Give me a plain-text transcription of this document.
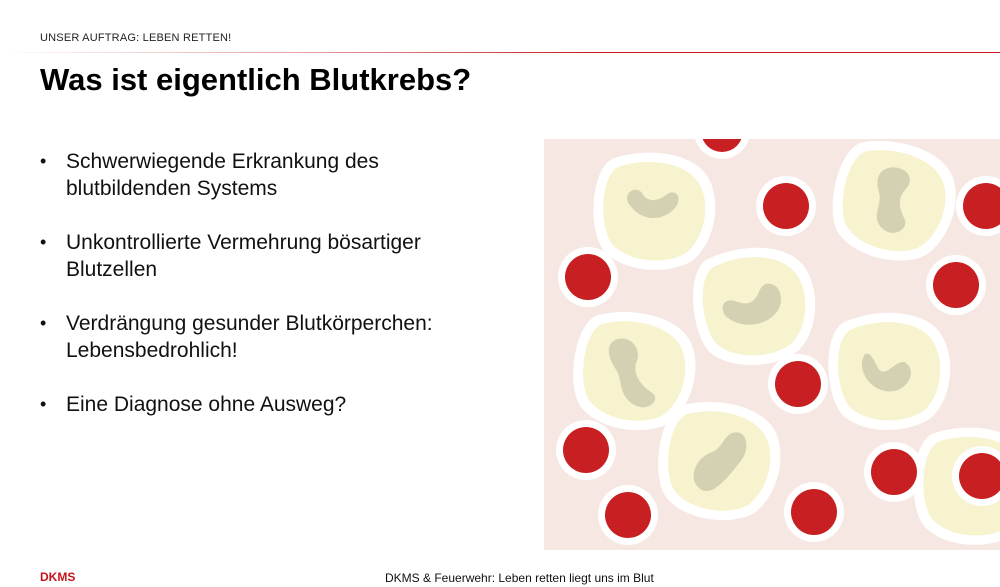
UNSER AUFTRAG: LEBEN RETTEN!
Was ist eigentlich Blutkrebs?
• Schwerwiegende Erkrankung des
blutbildenden Systems
• Unkontrollierte Vermehrung bösartiger
Blutzellen
• Verdrängung gesunder Blutkörperchen:
Lebensbedrohlich!
• Eine Diagnose ohne Ausweg?
DKMS	DKMS & Feuerwehr: Leben retten liegt uns im Blut
